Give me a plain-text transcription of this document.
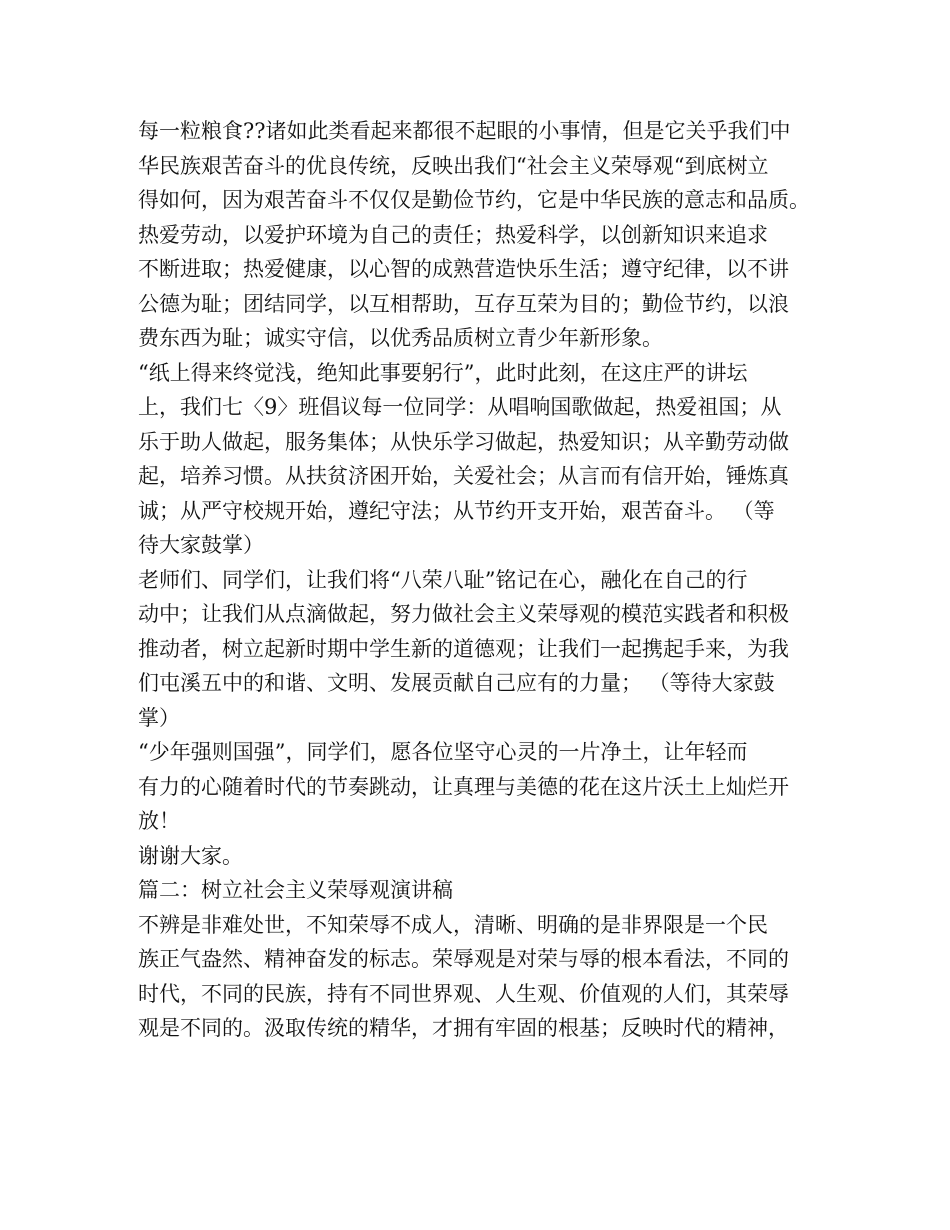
每一粒粮食??诸如此类看起来都很不起眼的小事情，但是它关乎我们中
华民族艰苦奋斗的优良传统，反映出我们“社会主义荣辱观“到底树立
得如何，因为艰苦奋斗不仅仅是勤俭节约，它是中华民族的意志和品质。
热爱劳动，以爱护环境为自己的责任；热爱科学，以创新知识来追求
不断进取；热爱健康，以心智的成熟营造快乐生活；遵守纪律，以不讲
公德为耻；团结同学，以互相帮助，互存互荣为目的；勤俭节约，以浪
费东西为耻；诚实守信，以优秀品质树立青少年新形象。
“纸上得来终觉浅，绝知此事要躬行”，此时此刻，在这庄严的讲坛
上，我们七〈9〉班倡议每一位同学：从唱响国歌做起，热爱祖国；从
乐于助人做起，服务集体；从快乐学习做起，热爱知识；从辛勤劳动做
起，培养习惯。从扶贫济困开始，关爱社会；从言而有信开始，锤炼真
诚；从严守校规开始，遵纪守法；从节约开支开始，艰苦奋斗。 （等
待大家鼓掌）
老师们、同学们，让我们将“八荣八耻”铭记在心，融化在自己的行
动中；让我们从点滴做起，努力做社会主义荣辱观的模范实践者和积极
推动者，树立起新时期中学生新的道德观；让我们一起携起手来，为我
们屯溪五中的和谐、文明、发展贡献自己应有的力量； （等待大家鼓
掌）
“少年强则国强”，同学们，愿各位坚守心灵的一片净土，让年轻而
有力的心随着时代的节奏跳动，让真理与美德的花在这片沃土上灿烂开
放！
谢谢大家。
篇二：树立社会主义荣辱观演讲稿
不辨是非难处世，不知荣辱不成人，清晰、明确的是非界限是一个民
族正气盎然、精神奋发的标志。荣辱观是对荣与辱的根本看法，不同的
时代，不同的民族，持有不同世界观、人生观、价值观的人们，其荣辱
观是不同的。汲取传统的精华，才拥有牢固的根基；反映时代的精神，
